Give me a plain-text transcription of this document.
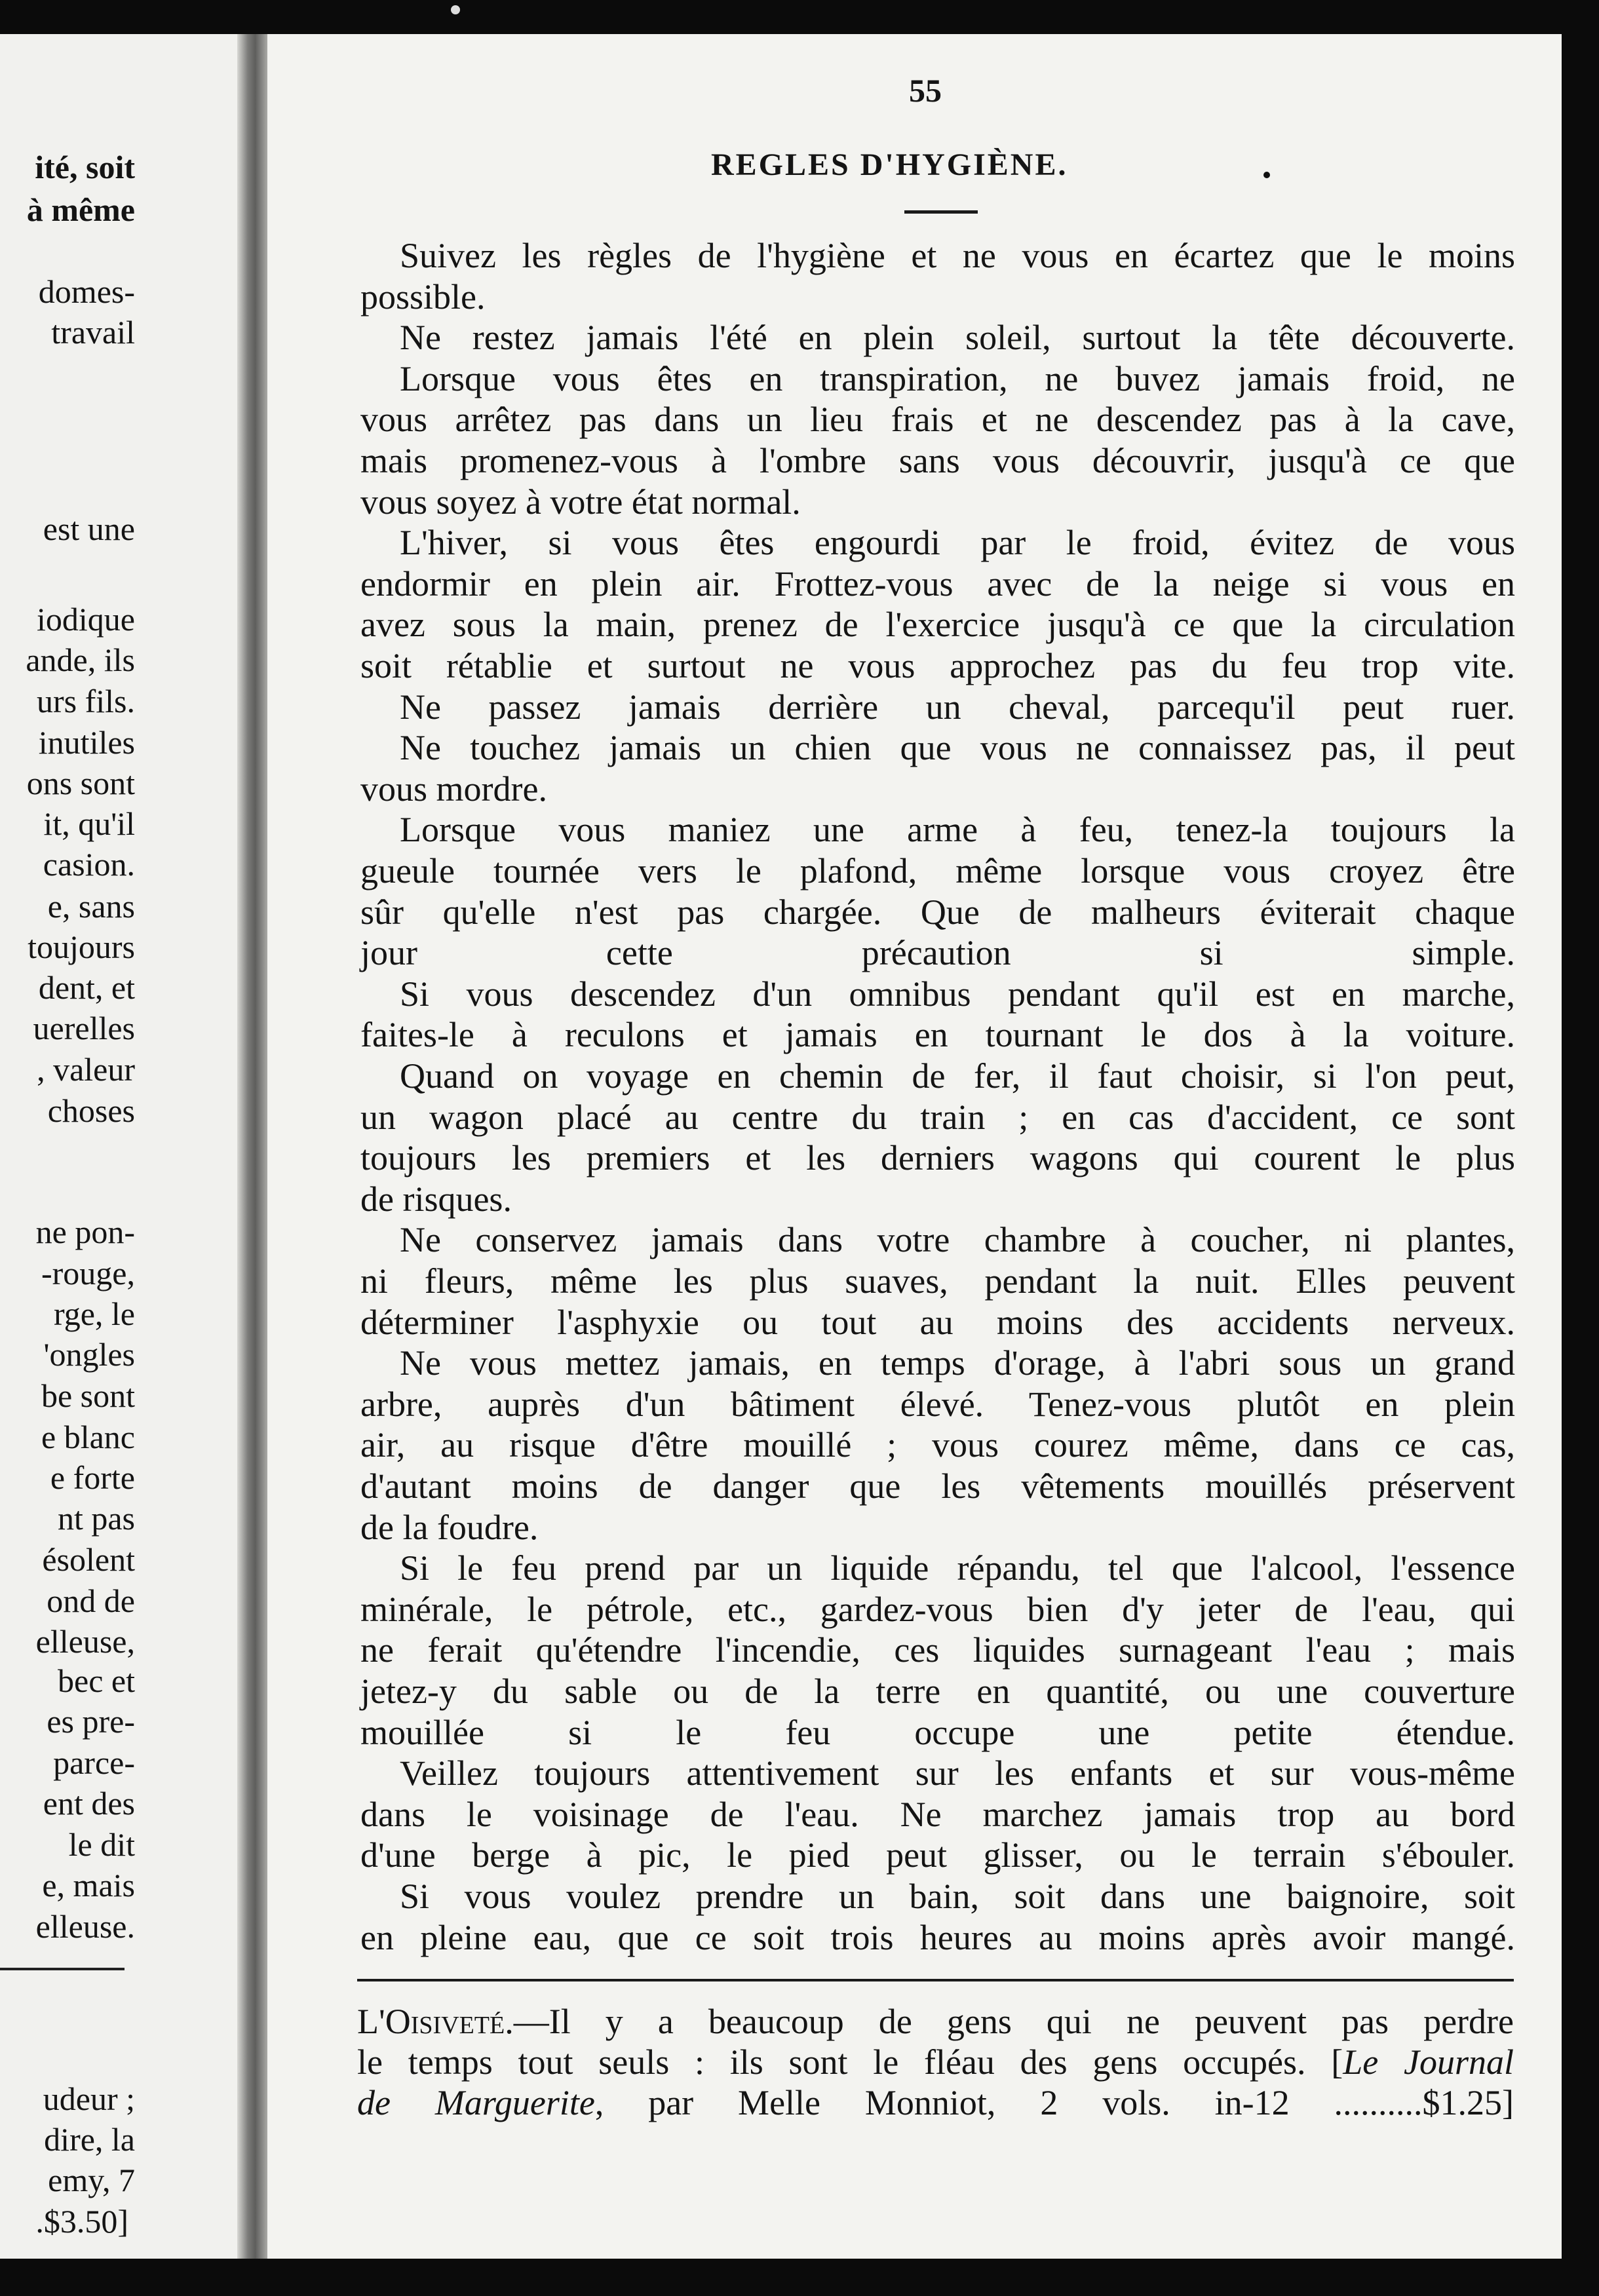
ité, soit
à même
domes-
travail
est une
iodique
ande, ils
urs fils.
inutiles
ons sont
it, qu'il
casion.
e, sans
toujours
dent, et
uerelles
, valeur
choses
ne pon-
-rouge,
rge, le
'ongles
be sont
e blanc
e forte
nt pas
ésolent
ond de
elleuse,
bec et
es pre-
parce-
ent des
le dit
e, mais
elleuse.
udeur ;
dire, la
emy, 7
.$3.50]
55
REGLES D'HYGIÈNE.
Suivez les règles de l'hygiène et ne vous en écartez que le moins
possible.
Ne restez jamais l'été en plein soleil, surtout la tête découverte.
Lorsque vous êtes en transpiration, ne buvez jamais froid, ne
vous arrêtez pas dans un lieu frais et ne descendez pas à la cave,
mais promenez-vous à l'ombre sans vous découvrir, jusqu'à ce que
vous soyez à votre état normal.
L'hiver, si vous êtes engourdi par le froid, évitez de vous
endormir en plein air. Frottez-vous avec de la neige si vous en
avez sous la main, prenez de l'exercice jusqu'à ce que la circulation
soit rétablie et surtout ne vous approchez pas du feu trop vite.
Ne passez jamais derrière un cheval, parcequ'il peut ruer.
Ne touchez jamais un chien que vous ne connaissez pas, il peut
vous mordre.
Lorsque vous maniez une arme à feu, tenez-la toujours la
gueule tournée vers le plafond, même lorsque vous croyez être
sûr qu'elle n'est pas chargée. Que de malheurs éviterait chaque
jour cette précaution si simple.
Si vous descendez d'un omnibus pendant qu'il est en marche,
faites-le à reculons et jamais en tournant le dos à la voiture.
Quand on voyage en chemin de fer, il faut choisir, si l'on peut,
un wagon placé au centre du train ; en cas d'accident, ce sont
toujours les premiers et les derniers wagons qui courent le plus
de risques.
Ne conservez jamais dans votre chambre à coucher, ni plantes,
ni fleurs, même les plus suaves, pendant la nuit. Elles peuvent
déterminer l'asphyxie ou tout au moins des accidents nerveux.
Ne vous mettez jamais, en temps d'orage, à l'abri sous un grand
arbre, auprès d'un bâtiment élevé. Tenez-vous plutôt en plein
air, au risque d'être mouillé ; vous courez même, dans ce cas,
d'autant moins de danger que les vêtements mouillés préservent
de la foudre.
Si le feu prend par un liquide répandu, tel que l'alcool, l'essence
minérale, le pétrole, etc., gardez-vous bien d'y jeter de l'eau, qui
ne ferait qu'étendre l'incendie, ces liquides surnageant l'eau ; mais
jetez-y du sable ou de la terre en quantité, ou une couverture
mouillée si le feu occupe une petite étendue.
Veillez toujours attentivement sur les enfants et sur vous-même
dans le voisinage de l'eau. Ne marchez jamais trop au bord
d'une berge à pic, le pied peut glisser, ou le terrain s'ébouler.
Si vous voulez prendre un bain, soit dans une baignoire, soit
en pleine eau, que ce soit trois heures au moins après avoir mangé.
L'Oisiveté.—Il y a beaucoup de gens qui ne peuvent pas perdre
le temps tout seuls : ils sont le fléau des gens occupés. [Le Journal
de Marguerite, par Melle Monniot, 2 vols. in-12 ..........$1.25]
